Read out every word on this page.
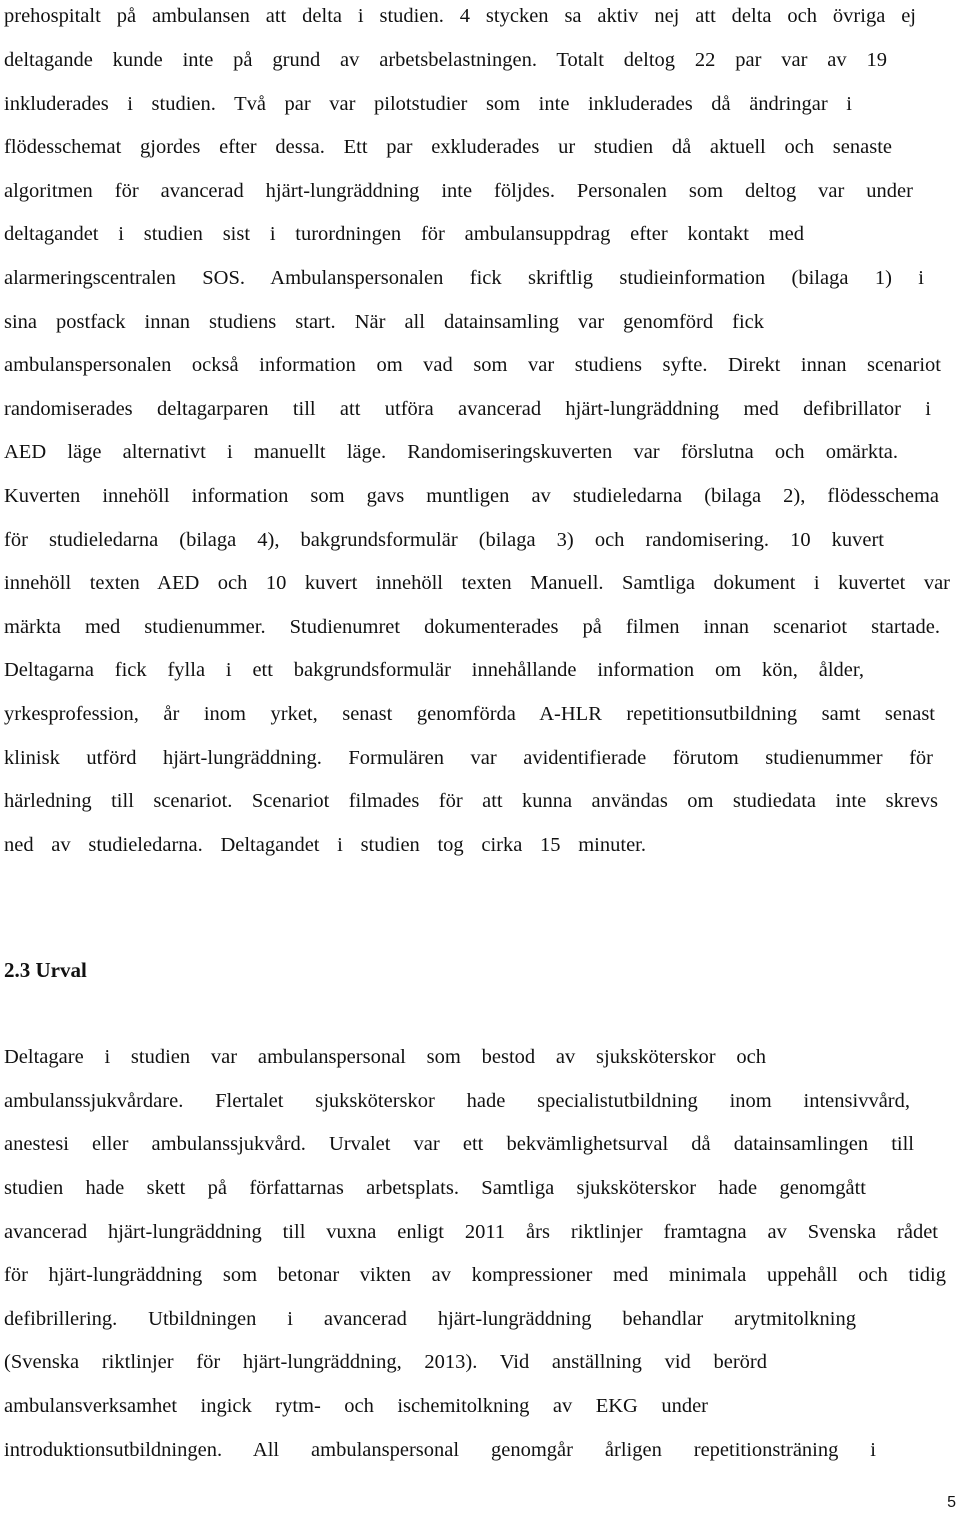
prehospitalt på ambulansen att delta i studien. 4 stycken sa aktiv nej att delta och övriga ej
deltagande kunde inte på grund av arbetsbelastningen. Totalt deltog 22 par var av 19
inkluderades i studien. Två par var pilotstudier som inte inkluderades då ändringar i
flödesschemat gjordes efter dessa. Ett par exkluderades ur studien då aktuell och senaste
algoritmen för avancerad hjärt-lungräddning inte följdes. Personalen som deltog var under
deltagandet i studien sist i turordningen för ambulansuppdrag efter kontakt med
alarmeringscentralen SOS. Ambulanspersonalen fick skriftlig studieinformation (bilaga 1) i
sina postfack innan studiens start. När all datainsamling var genomförd fick
ambulanspersonalen också information om vad som var studiens syfte. Direkt innan scenariot
randomiserades deltagarparen till att utföra avancerad hjärt-lungräddning med defibrillator i
AED läge alternativt i manuellt läge. Randomiseringskuverten var förslutna och omärkta.
Kuverten innehöll information som gavs muntligen av studieledarna (bilaga 2), flödesschema
för studieledarna (bilaga 4), bakgrundsformulär (bilaga 3) och randomisering. 10 kuvert
innehöll texten AED och 10 kuvert innehöll texten Manuell. Samtliga dokument i kuvertet var
märkta med studienummer. Studienumret dokumenterades på filmen innan scenariot startade.
Deltagarna fick fylla i ett bakgrundsformulär innehållande information om kön, ålder,
yrkesprofession, år inom yrket, senast genomförda A-HLR repetitionsutbildning samt senast
klinisk utförd hjärt-lungräddning. Formulären var avidentifierade förutom studienummer för
härledning till scenariot. Scenariot filmades för att kunna användas om studiedata inte skrevs
ned av studieledarna. Deltagandet i studien tog cirka 15 minuter.
2.3 Urval
Deltagare i studien var ambulanspersonal som bestod av sjuksköterskor och
ambulanssjukvårdare. Flertalet sjuksköterskor hade specialistutbildning inom intensivvård,
anestesi eller ambulanssjukvård. Urvalet var ett bekvämlighetsurval då datainsamlingen till
studien hade skett på författarnas arbetsplats. Samtliga sjuksköterskor hade genomgått
avancerad hjärt-lungräddning till vuxna enligt 2011 års riktlinjer framtagna av Svenska rådet
för hjärt-lungräddning som betonar vikten av kompressioner med minimala uppehåll och tidig
defibrillering. Utbildningen i avancerad hjärt-lungräddning behandlar arytmitolkning
(Svenska riktlinjer för hjärt-lungräddning, 2013). Vid anställning vid berörd
ambulansverksamhet ingick rytm- och ischemitolkning av EKG under
introduktionsutbildningen. All ambulanspersonal genomgår årligen repetitionsträning i
5
